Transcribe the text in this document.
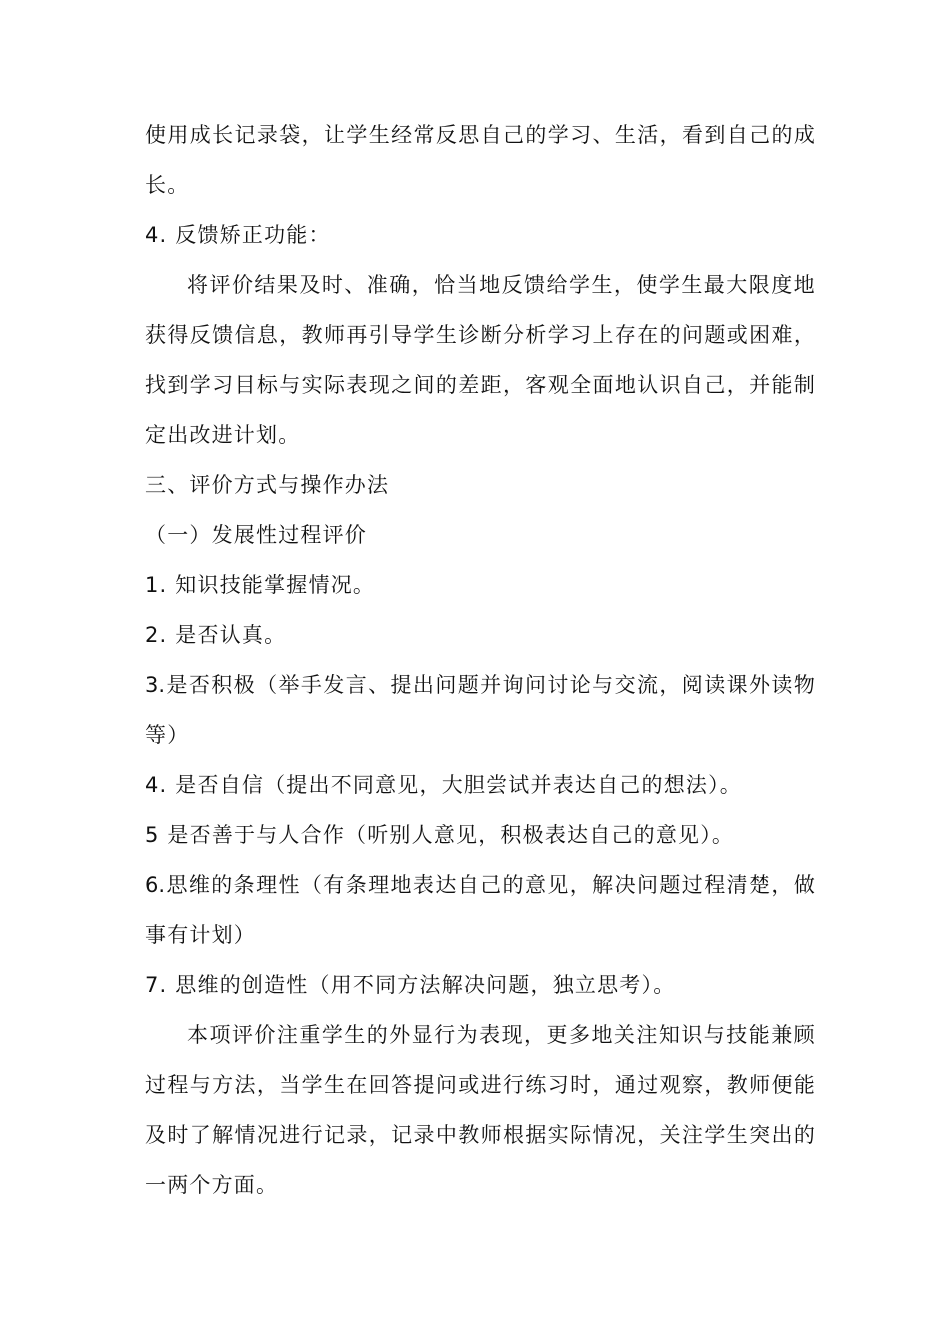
使 用 成 长 记 录 袋 ， 让 学 生 经 常 反 思 自 己 的 学 习 、 生 活 ， 看 到 自 己 的 成
长。
4. 反馈矫正功能：
将 评 价 结 果 及 时 、 准 确 ， 恰 当 地 反 馈 给 学 生 ， 使 学 生 最 大 限 度 地
获 得 反 馈 信 息 ， 教 师 再 引 导 学 生 诊 断 分 析 学 习 上 存 在 的 问 题 或 困 难 ，
找 到 学 习 目 标 与 实 际 表 现 之 间 的 差 距 ， 客 观 全 面 地 认 识 自 己 ， 并 能 制
定出改进计划。
三、评价方式与操作办法
（一）发展性过程评价
1. 知识技能掌握情况。
2. 是否认真。
3. 是 否 积 极 （ 举 手 发 言 、 提 出 问 题 并 询 问 讨 论 与 交 流 ， 阅 读 课 外 读 物
等）
4. 是否自信（提出不同意见，大胆尝试并表达自己的想法）。
5 是否善于与人合作（听别人意见，积极表达自己的意见）。
6. 思 维 的 条 理 性 （ 有 条 理 地 表 达 自 己 的 意 见 ， 解 决 问 题 过 程 清 楚 ， 做
事有计划）
7. 思维的创造性（用不同方法解决问题，独立思考）。
本 项 评 价 注 重 学 生 的 外 显 行 为 表 现 ， 更 多 地 关 注 知 识 与 技 能 兼 顾
过 程 与 方 法 ， 当 学 生 在 回 答 提 问 或 进 行 练 习 时 ， 通 过 观 察 ， 教 师 便 能
及 时 了 解 情 况 进 行 记 录 ， 记 录 中 教 师 根 据 实 际 情 况 ， 关 注 学 生 突 出 的
一两个方面。
